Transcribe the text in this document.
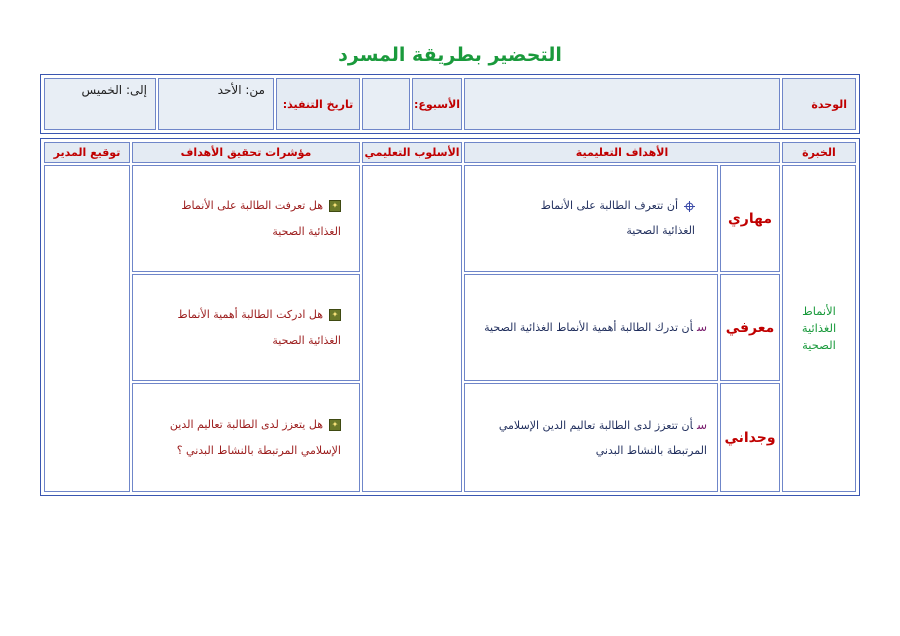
التحضير بطريقة المسرد
الوحدة
الأسبوع:
تاريخ التنفيذ:
من: الأحد
إلى: الخميس
الخبرة
الأهداف التعليمية
الأسلوب التعليمي
مؤشرات تحقيق الأهداف
توقيع المدير
الأنماط الغذائية الصحية
مهاري
أن تتعرف الطالبة على الأنماط الغذائية الصحية
✦هل تعرفت الطالبة على الأنماط الغذائية الصحية
معرفي
سأن تدرك الطالبة أهمية الأنماط الغذائية الصحية
✦هل ادركت الطالبة أهمية الأنماط الغذائية الصحية
وجداني
سأن تتعزز لدى الطالبة تعاليم الدين الإسلامي المرتبطة بالنشاط البدني
✦هل يتعزز لدى الطالبة تعاليم الدين الإسلامي المرتبطة بالنشاط البدني ؟
